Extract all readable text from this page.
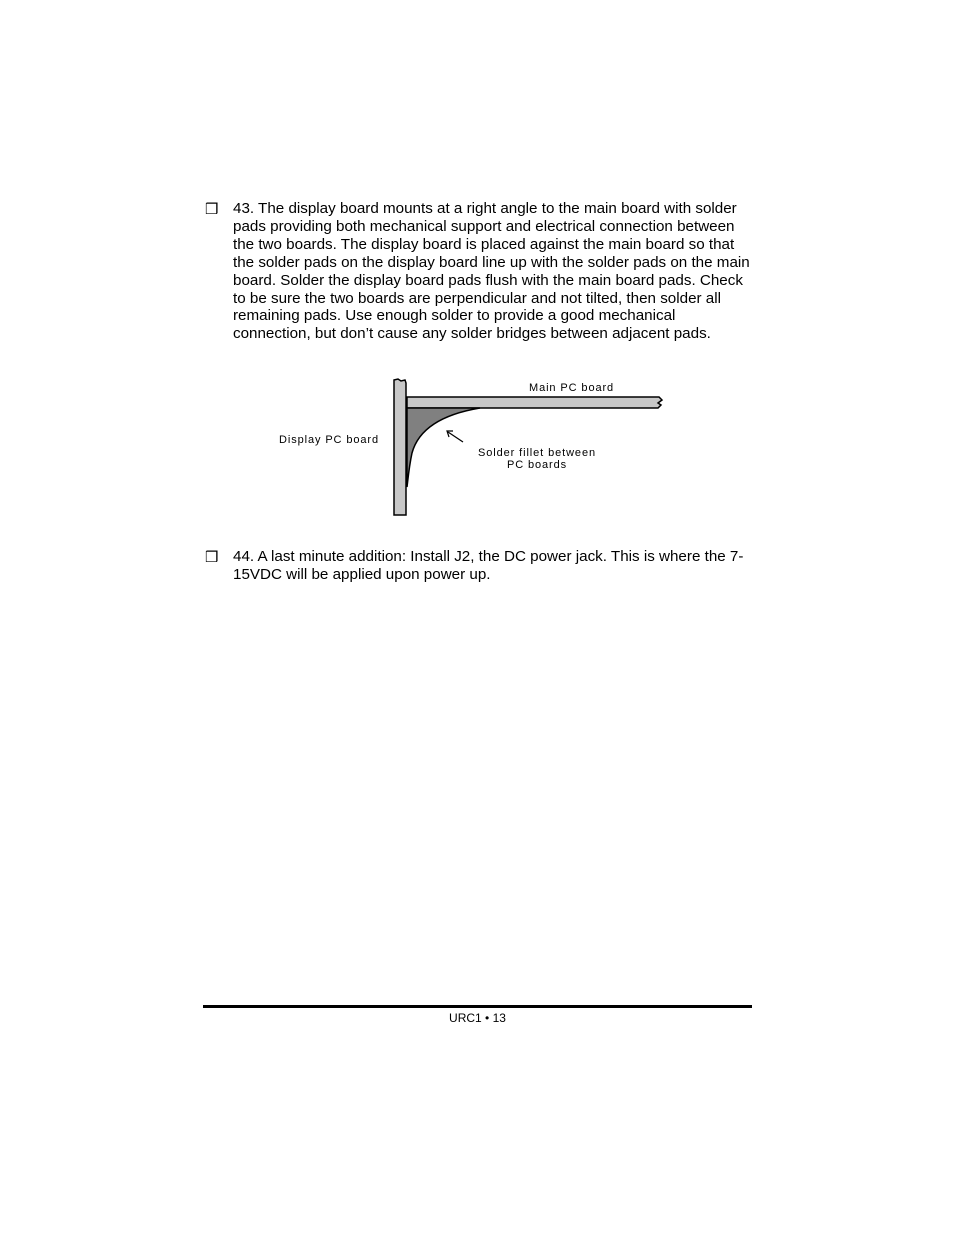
❒ 43. The display board mounts at a right angle to the main board with solder pads providing both mechanical support and electrical connection between the two boards. The display board is placed against the main board so that the solder pads on the display board line up with the solder pads on the main board. Solder the display board pads flush with the main board pads. Check to be sure the two boards are perpendicular and not tilted, then solder all remaining pads. Use enough solder to provide a good mechanical connection, but don’t cause any solder bridges between adjacent pads.

Main PC board
Display PC board
Solder fillet between PC boards
❒ 44. A last minute addition: Install J2, the DC power jack. This is where the 7-15VDC will be applied upon power up.

URC1 • 13
